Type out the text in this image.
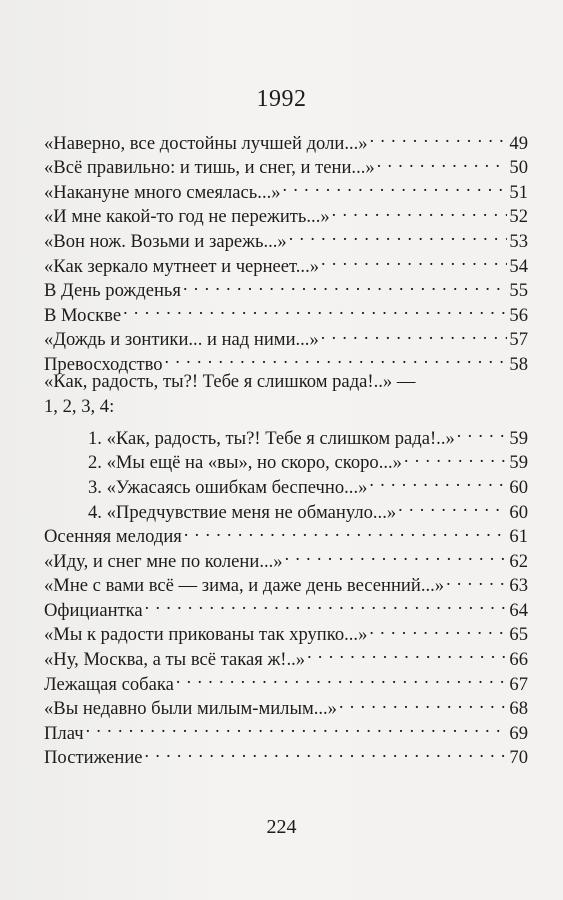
1992
«Наверно, все достойны лучшей доли...» . . .	49
«Всё правильно: и тишь, и снег, и тени...» . . .	50
«Накануне много смеялась...» . . .	51
«И мне какой-то год не пережить...» . . .	52
«Вон нож. Возьми и зарежь...» . . .	53
«Как зеркало мутнеет и чернеет...» . . .	54
В День рожденья . . .	55
В Москве . . .	56
«Дождь и зонтики... и над ними...» . . .	57
Превосходство . . .	58
«Как, радость, ты?! Тебе я слишком рада!..» —
1, 2, 3, 4:
1. «Как, радость, ты?! Тебе я слишком рада!..» . . .	59
2. «Мы ещё на «вы», но скоро, скоро...» . . .	59
3. «Ужасаясь ошибкам беспечно...» . . .	60
4. «Предчувствие меня не обмануло...» . . .	60
Осенняя мелодия . . .	61
«Иду, и снег мне по колени...» . . .	62
«Мне с вами всё — зима, и даже день весенний...» . . .	63
Официантка . . .	64
«Мы к радости прикованы так хрупко...» . . .	65
«Ну, Москва, а ты всё такая ж!..» . . .	66
Лежащая собака . . .	67
«Вы недавно были милым-милым...» . . .	68
Плач . . .	69
Постижение . . .	70
224
